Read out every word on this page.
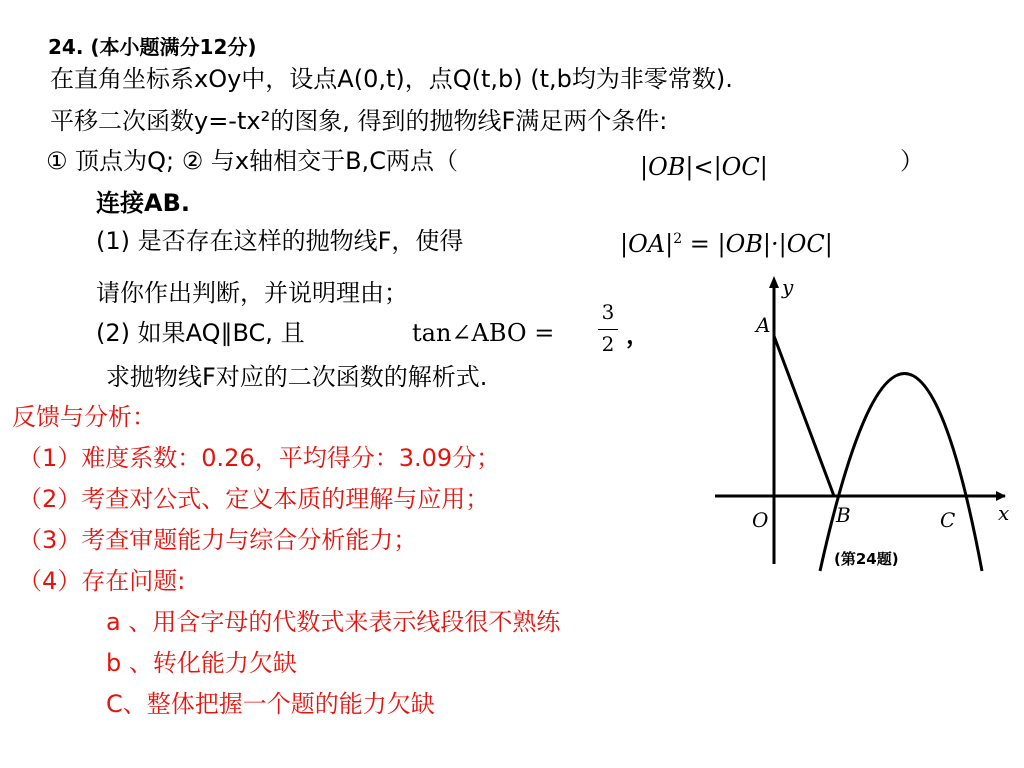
24. (本小题满分12分)
在直角坐标系xOy中，设点A(0,t)，点Q(t,b) (t,b均为非零常数).
平移二次函数y=-tx²的图象, 得到的抛物线F满足两个条件:
① 顶点为Q; ② 与x轴相交于B,C两点（	|OB|<|OC|	）
连接AB.
(1) 是否存在这样的抛物线F，使得	$|OA|^2 = |OB|\cdot|OC|$
请你作出判断，并说明理由；
(2) 如果AQ∥BC, 且	tan∠ABO =
3
2 ，
求抛物线F对应的二次函数的解析式.
反馈与分析：
（1）难度系数：0.26，平均得分：3.09分；
（2）考查对公式、定义本质的理解与应用；
（3）考查审题能力与综合分析能力；
（4）存在问题:
a 、用含字母的代数式来表示线段很不熟练
b 、转化能力欠缺
C、整体把握一个题的能力欠缺
y
x
A
O	B	C
(第24题)
